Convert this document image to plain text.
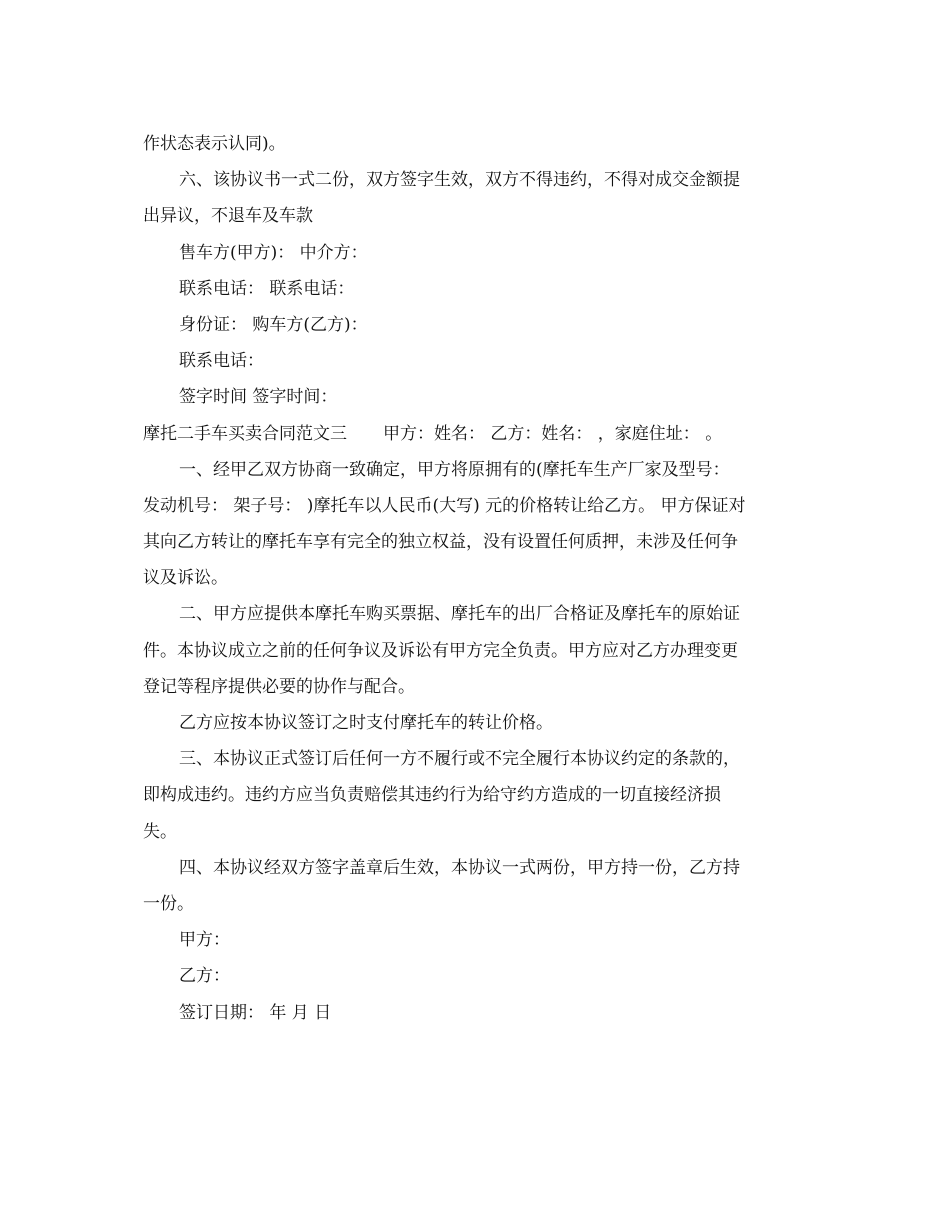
作状态表示认同)。
六、该协议书一式二份，双方签字生效，双方不得违约，不得对成交金额提
出异议，不退车及车款
售车方(甲方)： 中介方：
联系电话： 联系电话：
身份证： 购车方(乙方)：
联系电话：
签字时间 签字时间：
摩托二手车买卖合同范文三 甲方：姓名： 乙方：姓名： ，家庭住址： 。
一、经甲乙双方协商一致确定，甲方将原拥有的(摩托车生产厂家及型号：
发动机号： 架子号： )摩托车以人民币(大写) 元的价格转让给乙方。 甲方保证对
其向乙方转让的摩托车享有完全的独立权益，没有设置任何质押，未涉及任何争
议及诉讼。
二、甲方应提供本摩托车购买票据、摩托车的出厂合格证及摩托车的原始证
件。本协议成立之前的任何争议及诉讼有甲方完全负责。甲方应对乙方办理变更
登记等程序提供必要的协作与配合。
乙方应按本协议签订之时支付摩托车的转让价格。
三、本协议正式签订后任何一方不履行或不完全履行本协议约定的条款的，
即构成违约。违约方应当负责赔偿其违约行为给守约方造成的一切直接经济损
失。
四、本协议经双方签字盖章后生效，本协议一式两份，甲方持一份，乙方持
一份。
甲方：
乙方：
签订日期： 年 月 日
